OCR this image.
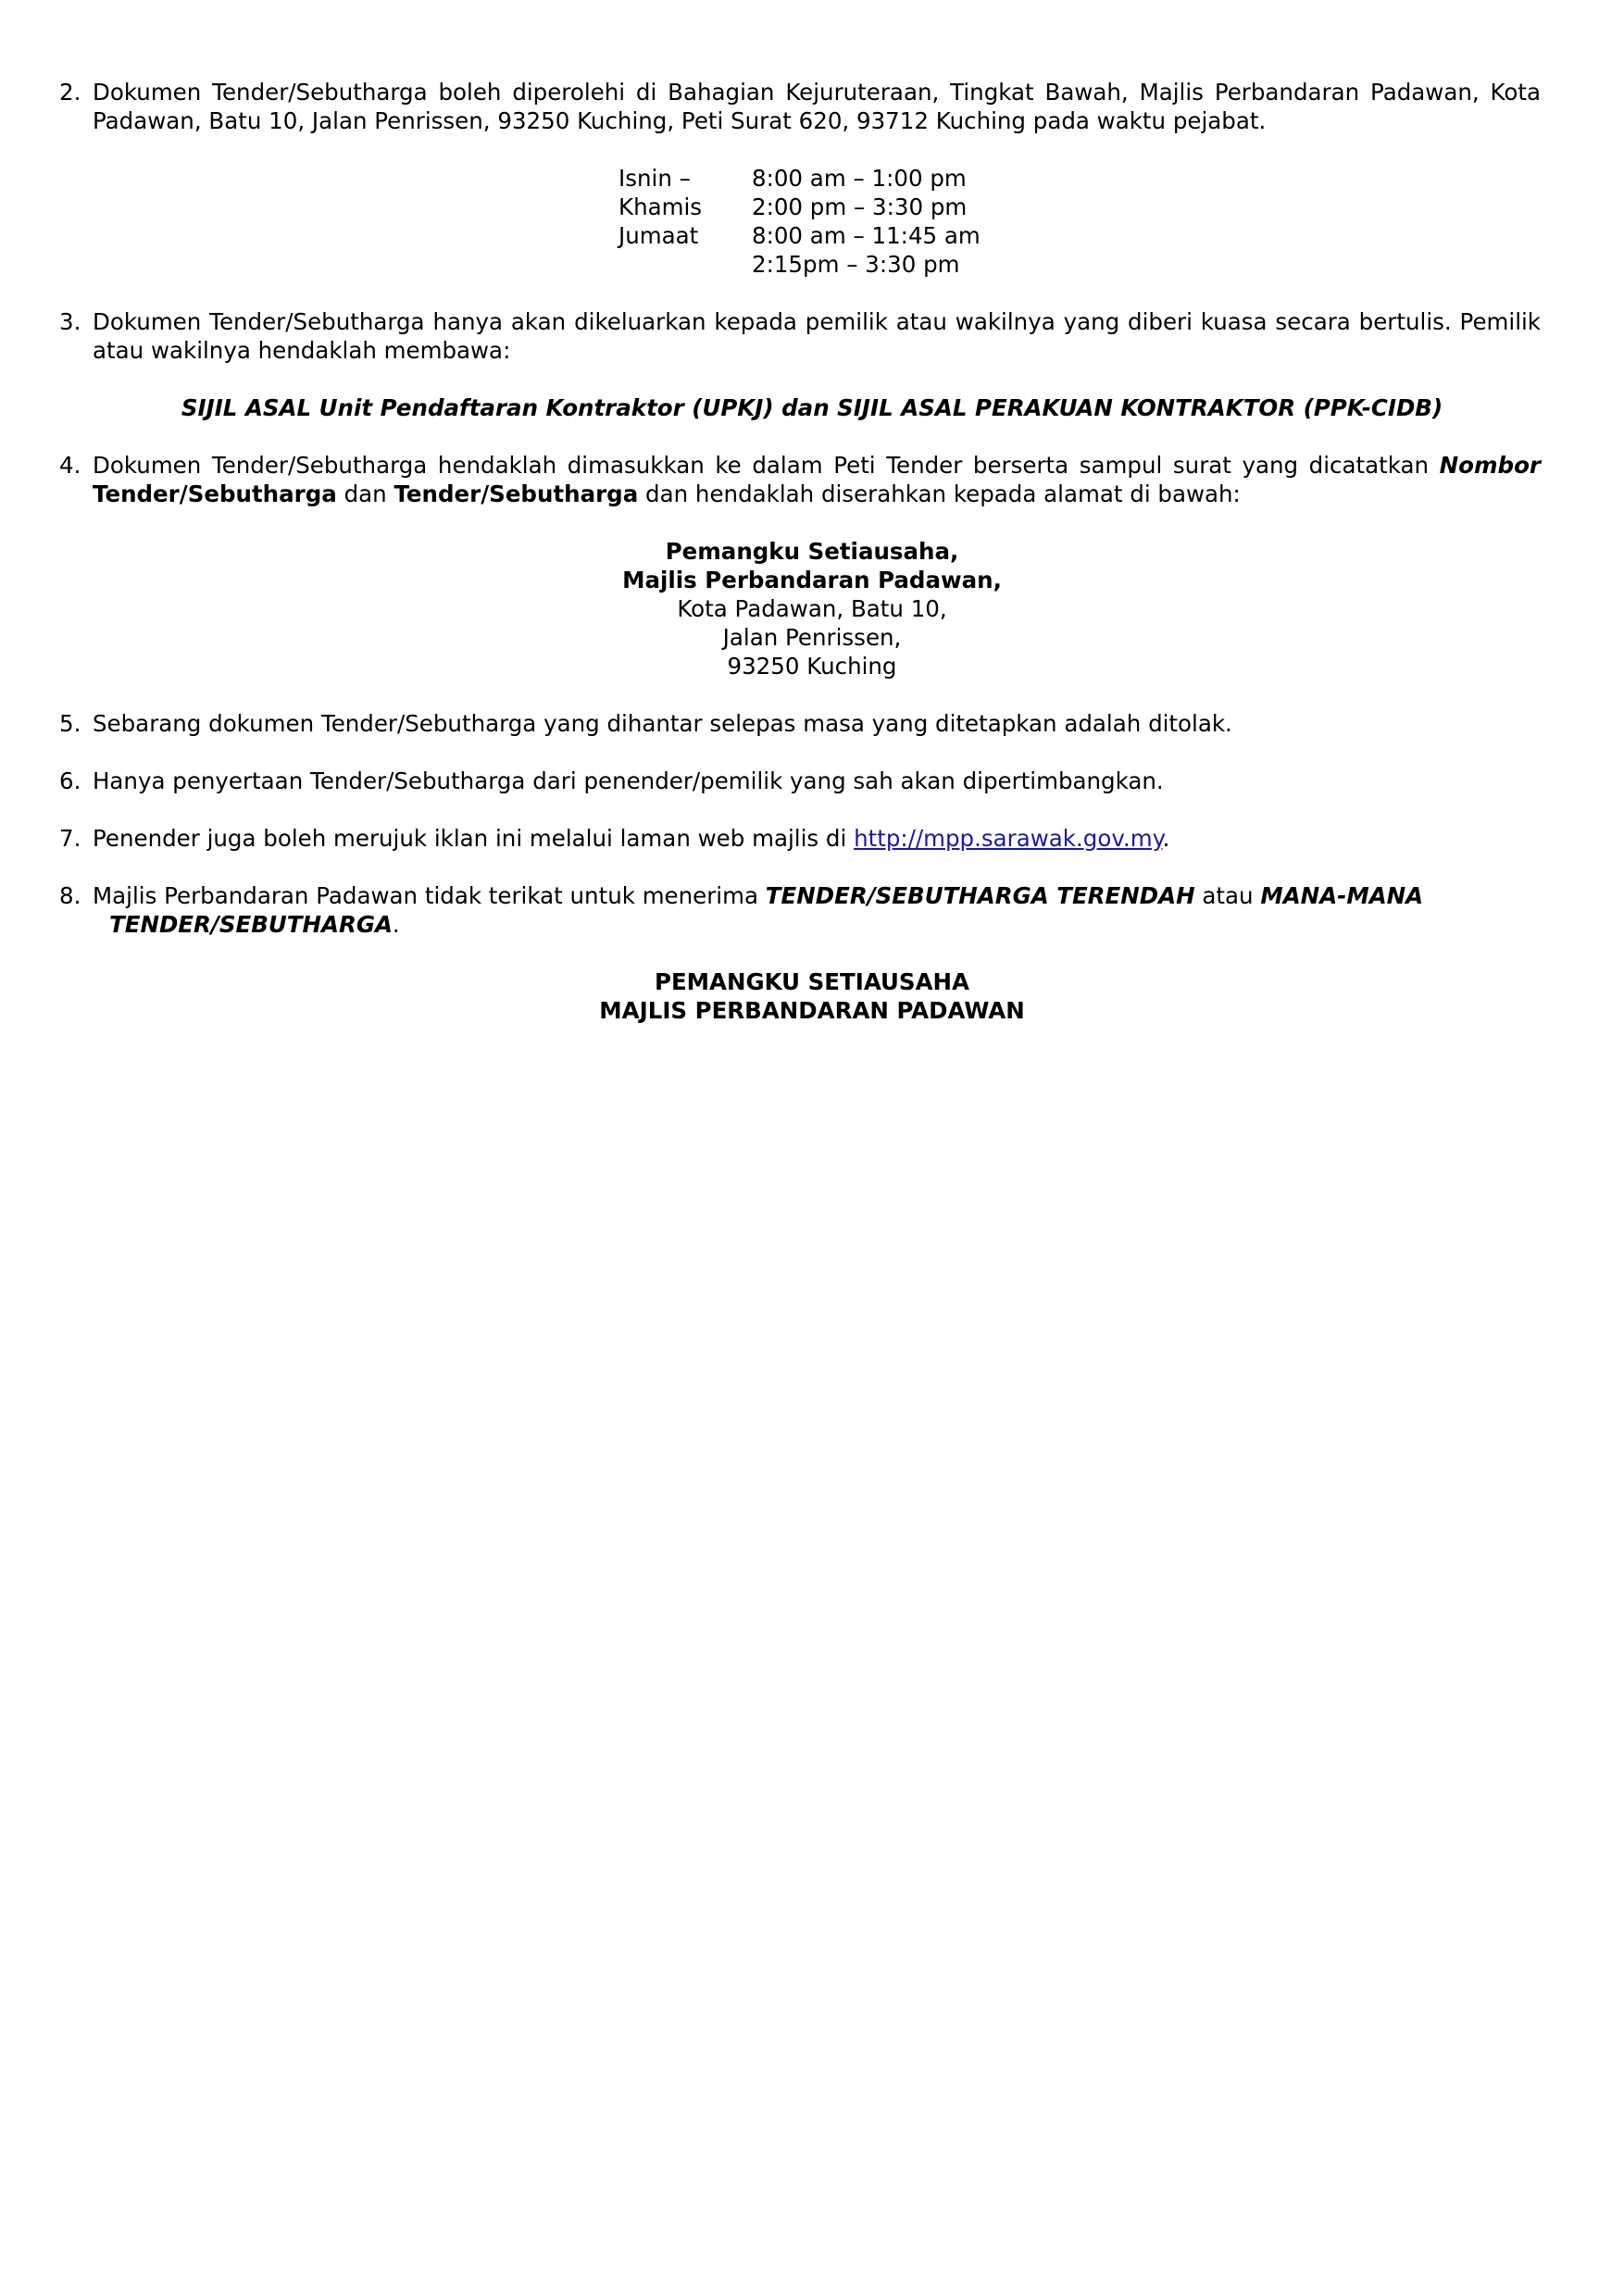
2. Dokumen Tender/Sebutharga boleh diperolehi di Bahagian Kejuruteraan, Tingkat Bawah, Majlis Perbandaran Padawan, Kota Padawan, Batu 10, Jalan Penrissen, 93250 Kuching, Peti Surat 620, 93712 Kuching pada waktu pejabat.
Isnin –	8:00 am – 1:00 pm
Khamis 2:00 pm – 3:30 pm
Jumaat 8:00 am – 11:45 am
2:15pm – 3:30 pm
3. Dokumen Tender/Sebutharga hanya akan dikeluarkan kepada pemilik atau wakilnya yang diberi kuasa secara bertulis. Pemilik atau wakilnya hendaklah membawa:
SIJIL ASAL Unit Pendaftaran Kontraktor (UPKJ) dan SIJIL ASAL PERAKUAN KONTRAKTOR (PPK-CIDB)
4. Dokumen Tender/Sebutharga hendaklah dimasukkan ke dalam Peti Tender berserta sampul surat yang dicatatkan Nombor Tender/Sebutharga dan Tender/Sebutharga dan hendaklah diserahkan kepada alamat di bawah:
Pemangku Setiausaha,
Majlis Perbandaran Padawan,
Kota Padawan, Batu 10,
Jalan Penrissen,
93250 Kuching
5. Sebarang dokumen Tender/Sebutharga yang dihantar selepas masa yang ditetapkan adalah ditolak.
6. Hanya penyertaan Tender/Sebutharga dari penender/pemilik yang sah akan dipertimbangkan.
7. Penender juga boleh merujuk iklan ini melalui laman web majlis di http://mpp.sarawak.gov.my.
8. Majlis Perbandaran Padawan tidak terikat untuk menerima TENDER/SEBUTHARGA TERENDAH atau MANA-MANA
TENDER/SEBUTHARGA.
PEMANGKU SETIAUSAHA
MAJLIS PERBANDARAN PADAWAN
